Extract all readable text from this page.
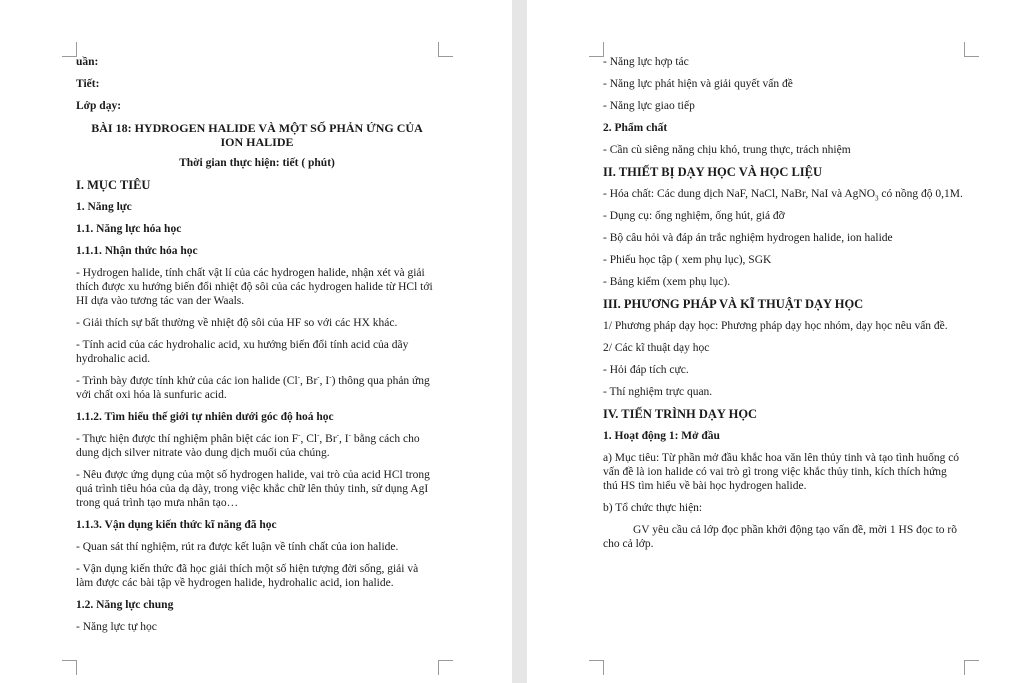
uần:
Tiết:
Lớp dạy:
BÀI 18: HYDROGEN HALIDE VÀ MỘT SỐ PHẢN ỨNG CỦA
ION HALIDE
Thời gian thực hiện: tiết ( phút)
I. MỤC TIÊU
1. Năng lực
1.1. Năng lực hóa học
1.1.1. Nhận thức hóa học
- Hydrogen halide, tính chất vật lí của các hydrogen halide, nhận xét và giải thích được xu hướng biến đổi nhiệt độ sôi của các hydrogen halide từ HCl tới HI dựa vào tương tác van der Waals.
- Giải thích sự bất thường về nhiệt độ sôi của HF so với các HX khác.
- Tính acid của các hydrohalic acid, xu hướng biến đổi tính acid của dãy hydrohalic acid.
- Trình bày được tính khử của các ion halide (Cl-, Br-, I-) thông qua phản ứng với chất oxi hóa là sunfuric acid.
1.1.2. Tìm hiểu thế giới tự nhiên dưới góc độ hoá học
- Thực hiện được thí nghiệm phân biệt các ion F-, Cl-, Br-, I- bằng cách cho dung dịch silver nitrate vào dung dịch muối của chúng.
- Nêu được ứng dụng của một số hydrogen halide, vai trò của acid HCl trong quá trình tiêu hóa của dạ dày, trong việc khắc chữ lên thủy tinh, sử dụng AgI trong quá trình tạo mưa nhân tạo…
1.1.3. Vận dụng kiến thức kĩ năng đã học
- Quan sát thí nghiệm, rút ra được kết luận về tính chất của ion halide.
- Vận dụng kiến thức đã học giải thích một số hiện tượng đời sống, giải và làm được các bài tập về hydrogen halide, hydrohalic acid, ion halide.
1.2. Năng lực chung
- Năng lực tự học
- Năng lực hợp tác
- Năng lực phát hiện và giải quyết vấn đề
- Năng lực giao tiếp
2. Phẩm chất
- Cần cù siêng năng chịu khó, trung thực, trách nhiệm
II. THIẾT BỊ DẠY HỌC VÀ HỌC LIỆU
- Hóa chất: Các dung dịch NaF, NaCl, NaBr, NaI và AgNO$_3$ có nồng độ 0,1M.
- Dụng cụ: ống nghiệm, ống hút, giá đỡ
- Bộ câu hỏi và đáp án trắc nghiệm hydrogen halide, ion halide
- Phiếu học tập ( xem phụ lục), SGK
- Bảng kiểm (xem phụ lục).
III. PHƯƠNG PHÁP VÀ KĨ THUẬT DẠY HỌC
1/ Phương pháp dạy học: Phương pháp dạy học nhóm, dạy học nêu vấn đề.
2/ Các kĩ thuật dạy học
- Hỏi đáp tích cực.
- Thí nghiệm trực quan.
IV. TIẾN TRÌNH DẠY HỌC
1. Hoạt động 1: Mở đầu
a) Mục tiêu: Từ phần mở đầu khắc hoa văn lên thủy tinh và tạo tình huống có vấn đề là ion halide có vai trò gì trong việc khắc thủy tinh, kích thích hứng thú HS tìm hiểu về bài học hydrogen halide.
b) Tổ chức thực hiện:
GV yêu cầu cả lớp đọc phần khởi động tạo vấn đề, mời 1 HS đọc to rõ cho cả lớp.
